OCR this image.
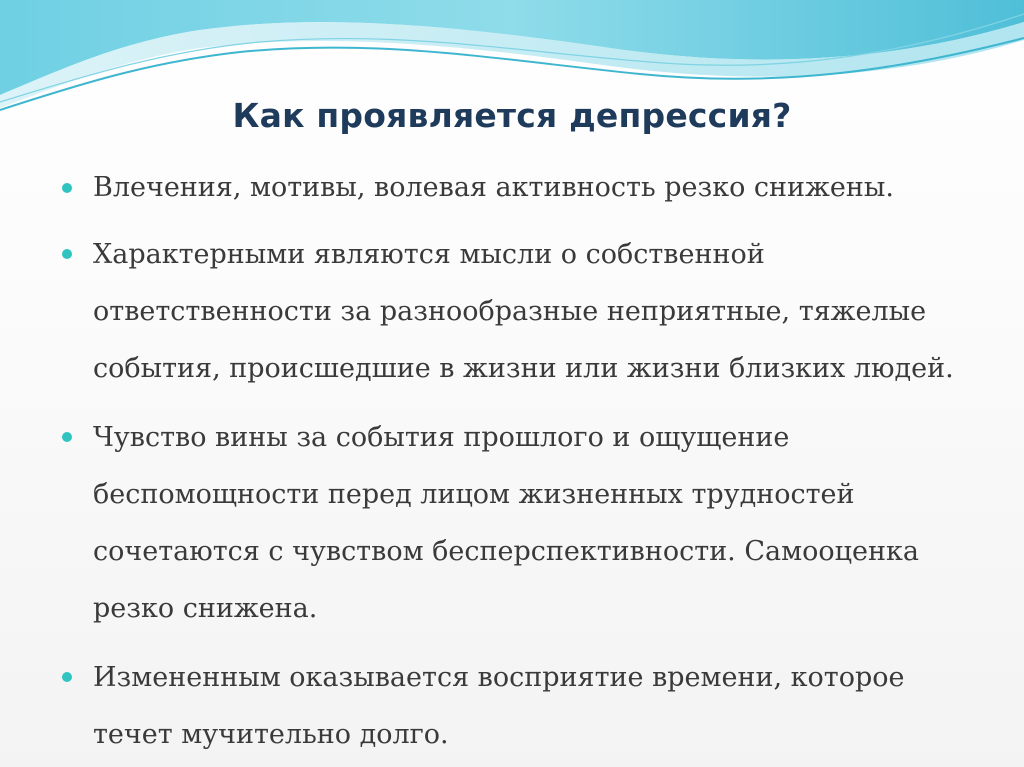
Как проявляется депрессия?
Влечения, мотивы, волевая активность резко снижены.
Характерными являются мысли о собственной ответственности за разнообразные неприятные, тяжелые события, происшедшие в жизни или жизни близких людей.
Чувство вины за события прошлого и ощущение беспомощности перед лицом жизненных трудностей сочетаются с чувством бесперспективности. Самооценка резко снижена.
Измененным оказывается восприятие времени, которое течет мучительно долго.
